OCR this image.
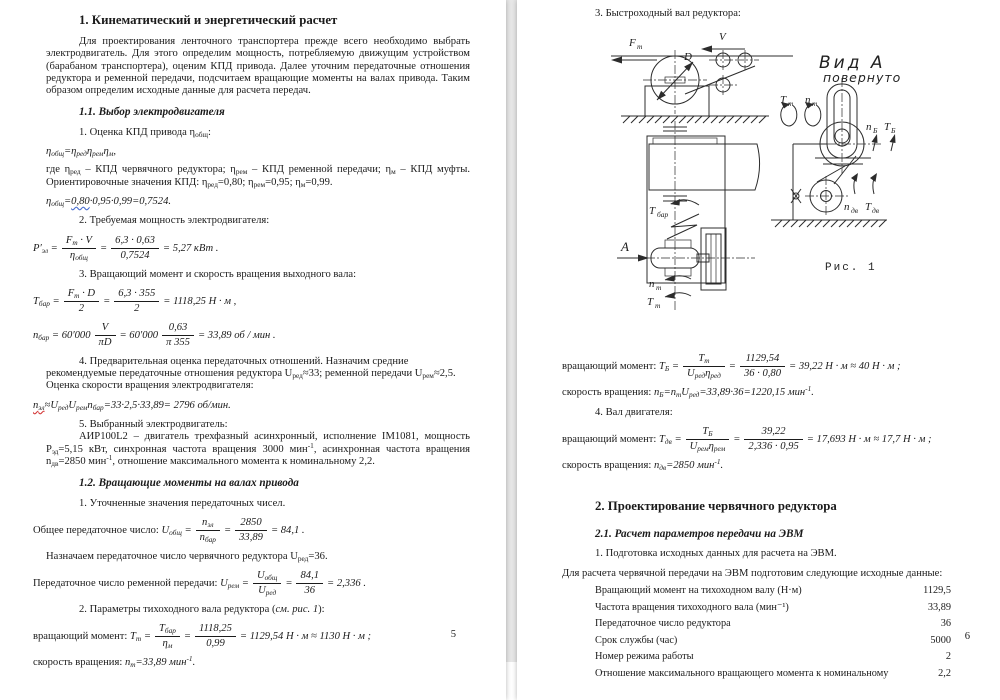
1. Кинематический и энергетический расчет

Для проектирования ленточного транспортера прежде всего необходимо выбрать электродвигатель. Для этого определим мощность, потребляемую движущим устройством (барабаном транспортера), оценим КПД привода. Далее уточним передаточные отношения редуктора и ременной передачи, подсчитаем вращающие моменты на валах привода. Таким образом определим исходные данные для расчета передач.

1.1. Выбор электродвигателя

1. Оценка КПД привода $\eta_{общ}$:

$\eta_{общ}=\eta_{ред}\eta_{рем}\eta_м$,

где $\eta_{ред}$ – КПД червячного редуктора; $\eta_{рем}$ – КПД ременной передачи; $\eta_м$ – КПД муфты. Ориентировочные значения КПД: $\eta_{ред}=0,80$; $\eta_{рем}=0,95$; $\eta_м=0,99$.

$\eta_{общ}=0,80\cdot 0,95\cdot 0,99=0,7524$.

2. Требуемая мощность электродвигателя:

$P'_{эл} = \frac{F_т \cdot V}{\eta_{общ}} = \frac{6,3 \cdot 0,63}{0,7524} = 5,27$ кВт .

3. Вращающий момент и скорость вращения выходного вала:

$T_{бар} = \frac{F_т \cdot D}{2} = \frac{6,3 \cdot 355}{2} = 1118,25$ Н · м ,

$n_{бар} = 60'000 \frac{V}{\pi D} = 60'000 \frac{0,63}{\pi 355} = 33,89$ об / мин .

4. Предварительная оценка передаточных отношений. Назначим средние рекомендуемые передаточные отношения редуктора $U_{ред}\approx 33$; ременной передачи $U_{рем}\approx 2,5$. Оценка скорости вращения электродвигателя:

$n_{эл}\approx U_{ред}U_{рем}n_{бар}=33\cdot 2,5\cdot 33,89= 2796$ об/мин.

5. Выбранный электродвигатель:

АИР100L2 – двигатель трехфазный асинхронный, исполнение IM1081, мощность $Р_{эд}=5,15$ кВт, синхронная частота вращения 3000 мин$^{-1}$, асинхронная частота вращения $n_{дв}=2850$ мин$^{-1}$, отношение максимального момента к номинальному 2,2.

1.2. Вращающие моменты на валах привода

1. Уточненные значения передаточных чисел.

Общее передаточное число: $U_{общ} = \frac{n_{эл}}{n_{бар}} = \frac{2850}{33,89} = 84,1$ .

Назначаем передаточное число червячного редуктора $U_{ред}=36$.

Передаточное число ременной передачи: $U_{рем} = \frac{U_{общ}}{U_{ред}} = \frac{84,1}{36} = 2,336$ .

2. Параметры тихоходного вала редуктора (см. рис. 1):

вращающий момент: $T_т = \frac{T_{бар}}{\eta_м} = \frac{1118,25}{0,99} = 1129,54$ Н · м ≈ 1130 Н · м ;

скорость вращения: $n_т=33,89$ мин$^{-1}$.

5

3. Быстроходный вал редуктора:

вращающий момент: $T_Б = \frac{T_т}{U_{ред}\eta_{ред}} = \frac{1129,54}{36 \cdot 0,80} = 39,22$ Н · м ≈ 40 Н · м ;

скорость вращения: $n_Б=n_тU_{ред}=33,89\cdot 36=1220,15$ мин$^{-1}$.

4. Вал двигателя:

вращающий момент: $T_{дв} = \frac{T_Б}{U_{рем}\eta_{рем}} = \frac{39,22}{2,336 \cdot 0,95} = 17,693$ Н · м ≈ 17,7 Н · м ;

скорость вращения: $n_{дв}=2850$ мин$^{-1}$.

2. Проектирование червячного редуктора
2.1. Расчет параметров передачи на ЭВМ

1. Подготовка исходных данных для расчета на ЭВМ.

Для расчета червячной передачи на ЭВМ подготовим следующие исходные данные:

Вращающий момент на тихоходном валу (Н·м)	1129,5
Частота вращения тихоходного вала (мин⁻¹)	33,89
Передаточное число редуктора	36
Срок службы (час)	5000
Номер режима работы	2
Отношение максимального вращающего момента к номинальному	2,2
F т
V
D
A
T бар
n т
T т
Вид А
повернуто
T т n т
n Б T Б
n дв T дв
Рис. 1
6
